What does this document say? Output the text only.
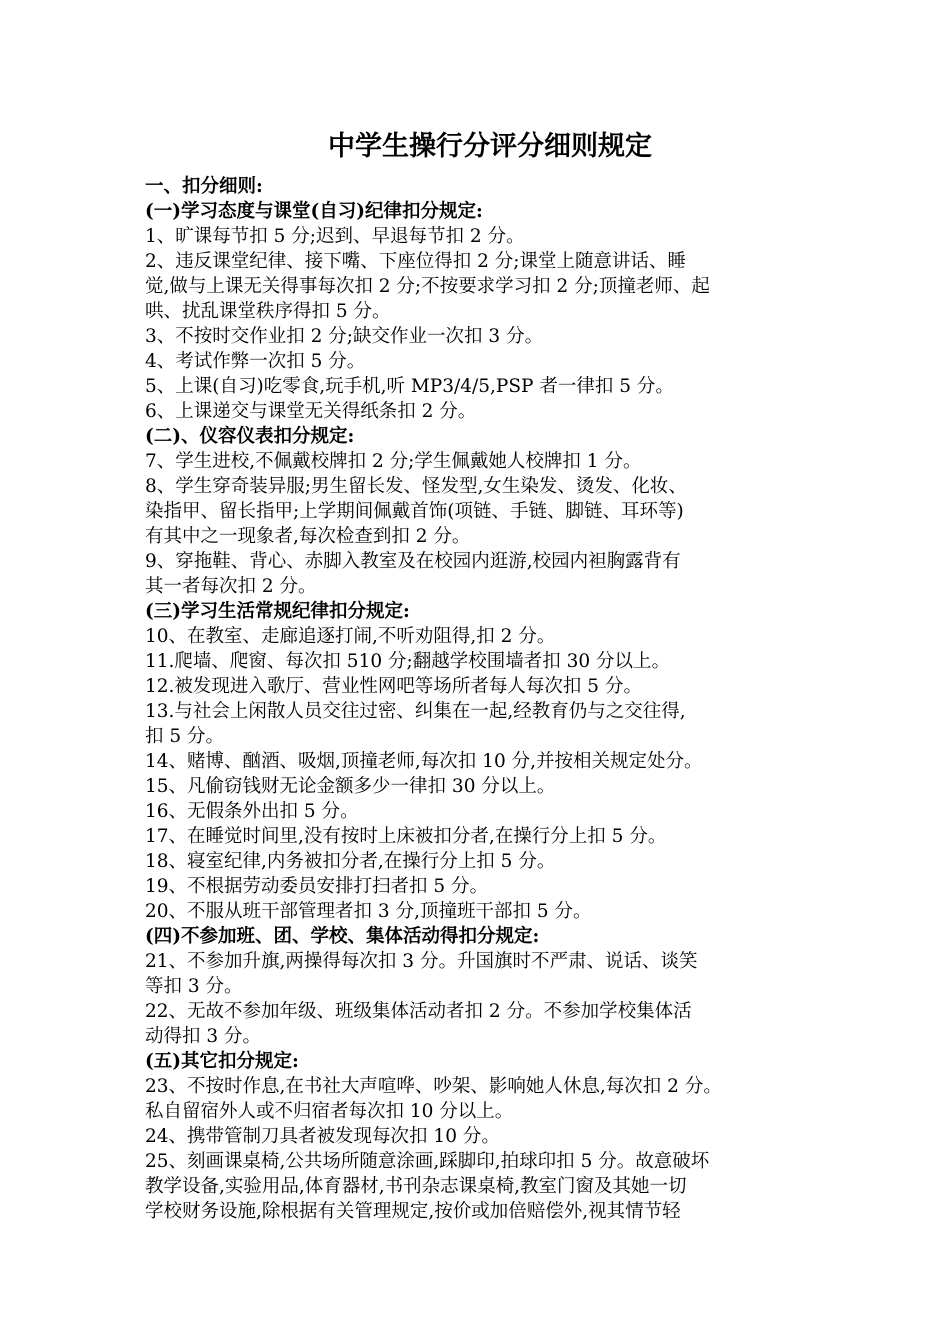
中学生操行分评分细则规定
一、扣分细则:
(一)学习态度与课堂(自习)纪律扣分规定:
1、旷课每节扣 5 分;迟到、早退每节扣 2 分。
2、违反课堂纪律、接下嘴、下座位得扣 2 分;课堂上随意讲话、睡
觉,做与上课无关得事每次扣 2 分;不按要求学习扣 2 分;顶撞老师、起
哄、扰乱课堂秩序得扣 5 分。
3、不按时交作业扣 2 分;缺交作业一次扣 3 分。
4、考试作弊一次扣 5 分。
5、上课(自习)吃零食,玩手机,听 MP3/4/5,PSP 者一律扣 5 分。
6、上课递交与课堂无关得纸条扣 2 分。
(二)、仪容仪表扣分规定:
7、学生进校,不佩戴校牌扣 2 分;学生佩戴她人校牌扣 1 分。
8、学生穿奇装异服;男生留长发、怪发型,女生染发、烫发、化妆、
染指甲、留长指甲;上学期间佩戴首饰(项链、手链、脚链、耳环等)
有其中之一现象者,每次检查到扣 2 分。
9、穿拖鞋、背心、赤脚入教室及在校园内逛游,校园内袒胸露背有
其一者每次扣 2 分。
(三)学习生活常规纪律扣分规定:
10、在教室、走廊追逐打闹,不听劝阻得,扣 2 分。
11.爬墙、爬窗、每次扣 510 分;翻越学校围墙者扣 30 分以上。
12.被发现进入歌厅、营业性网吧等场所者每人每次扣 5 分。
13.与社会上闲散人员交往过密、纠集在一起,经教育仍与之交往得,
扣 5 分。
14、赌博、酗酒、吸烟,顶撞老师,每次扣 10 分,并按相关规定处分。
15、凡偷窃钱财无论金额多少一律扣 30 分以上。
16、无假条外出扣 5 分。
17、在睡觉时间里,没有按时上床被扣分者,在操行分上扣 5 分。
18、寝室纪律,内务被扣分者,在操行分上扣 5 分。
19、不根据劳动委员安排打扫者扣 5 分。
20、不服从班干部管理者扣 3 分,顶撞班干部扣 5 分。
(四)不参加班、团、学校、集体活动得扣分规定:
21、不参加升旗,两操得每次扣 3 分。升国旗时不严肃、说话、谈笑
等扣 3 分。
22、无故不参加年级、班级集体活动者扣 2 分。不参加学校集体活
动得扣 3 分。
(五)其它扣分规定:
23、不按时作息,在书社大声喧哗、吵架、影响她人休息,每次扣 2 分。
私自留宿外人或不归宿者每次扣 10 分以上。
24、携带管制刀具者被发现每次扣 10 分。
25、刻画课桌椅,公共场所随意涂画,踩脚印,拍球印扣 5 分。故意破坏
教学设备,实验用品,体育器材,书刊杂志课桌椅,教室门窗及其她一切
学校财务设施,除根据有关管理规定,按价或加倍赔偿外,视其情节轻
